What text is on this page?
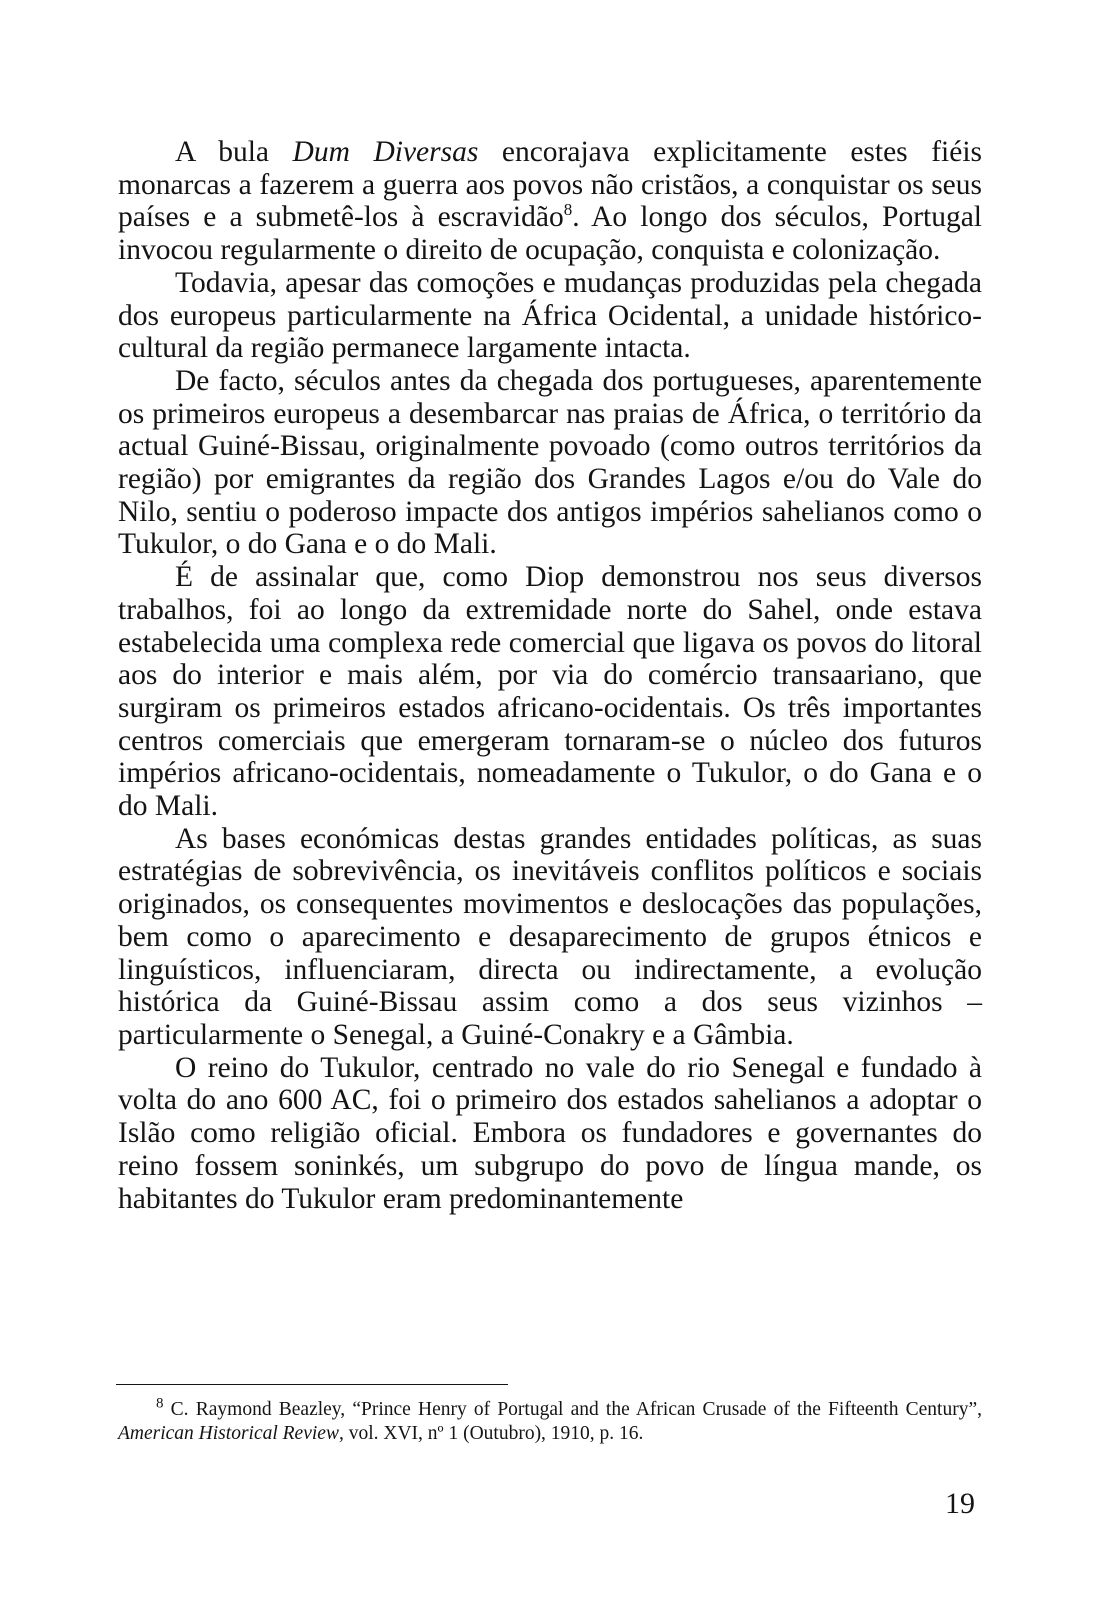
A bula Dum Diversas encorajava explicitamente estes fiéis monarcas a fazerem a guerra aos povos não cristãos, a conquistar os seus países e a submetê-los à escravidão$^8$. Ao longo dos séculos, Portugal invocou regularmente o direito de ocupação, conquista e colonização.

Todavia, apesar das comoções e mudanças produzidas pela chegada dos europeus particularmente na África Ocidental, a unidade histórico-cultural da região permanece largamente intacta.

De facto, séculos antes da chegada dos portugueses, aparentemente os primeiros europeus a desembarcar nas praias de África, o território da actual Guiné-Bissau, originalmente povoado (como outros territórios da região) por emigrantes da região dos Grandes Lagos e/ou do Vale do Nilo, sentiu o poderoso impacte dos antigos impérios sahelianos como o Tukulor, o do Gana e o do Mali.

É de assinalar que, como Diop demonstrou nos seus diversos trabalhos, foi ao longo da extremidade norte do Sahel, onde estava estabelecida uma complexa rede comercial que ligava os povos do litoral aos do interior e mais além, por via do comércio transaariano, que surgiram os primeiros estados africano-ocidentais. Os três importantes centros comerciais que emergeram tornaram-se o núcleo dos futuros impérios africano-ocidentais, nomeadamente o Tukulor, o do Gana e o do Mali.

As bases económicas destas grandes entidades políticas, as suas estratégias de sobrevivência, os inevitáveis conflitos políticos e sociais originados, os consequentes movimentos e deslocações das populações, bem como o aparecimento e desaparecimento de grupos étnicos e linguísticos, influenciaram, directa ou indirectamente, a evolução histórica da Guiné-Bissau assim como a dos seus vizinhos – particularmente o Senegal, a Guiné-Conakry e a Gâmbia.

O reino do Tukulor, centrado no vale do rio Senegal e fundado à volta do ano 600 AC, foi o primeiro dos estados sahelianos a adoptar o Islão como religião oficial. Embora os fundadores e governantes do reino fossem soninkés, um subgrupo do povo de língua mande, os habitantes do Tukulor eram predominantemente

$^8$ C. Raymond Beazley, “Prince Henry of Portugal and the African Crusade of the Fifteenth Century”, American Historical Review, vol. XVI, nº 1 (Outubro), 1910, p. 16.
19
